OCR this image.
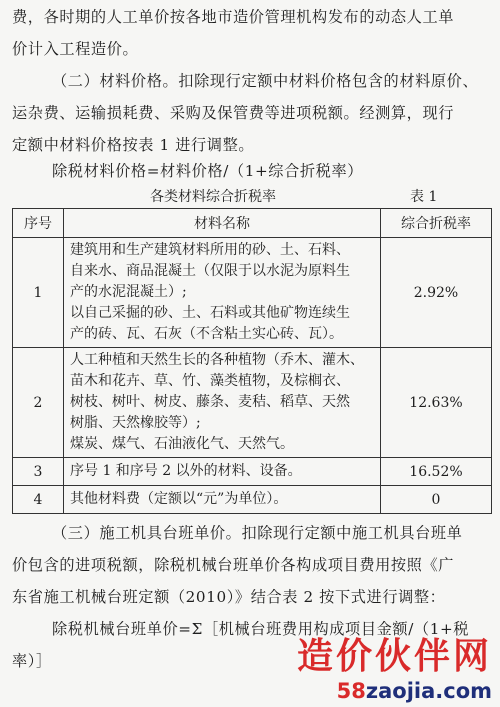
费，各时期的人工单价按各地市造价管理机构发布的动态人工单
价计入工程造价。
（二）材料价格。扣除现行定额中材料价格包含的材料原价、
运杂费、运输损耗费、采购及保管费等进项税额。经测算，现行
定额中材料价格按表 1 进行调整。
除税材料价格=材料价格/（1+综合折税率）
各类材料综合折税率	表 1
序号	材料名称	综合折税率
1	建筑用和生产建筑材料所用的砂、土、石料、
自来水、商品混凝土（仅限于以水泥为原料生
产的水泥混凝土）;
以自己采掘的砂、土、石料或其他矿物连续生
产的砖、瓦、石灰（不含粘土实心砖、瓦）。	2.92%
2	人工种植和天然生长的各种植物（乔木、灌木、
苗木和花卉、草、竹、藻类植物，及棕榈衣、
树枝、树叶、树皮、藤条、麦秸、稻草、天然
树脂、天然橡胶等）;
煤炭、煤气、石油液化气、天然气。	12.63%
3	序号 1 和序号 2 以外的材料、设备。	16.52%
4	其他材料费（定额以“元”为单位）。	0
（三）施工机具台班单价。扣除现行定额中施工机具台班单
价包含的进项税额，除税机械台班单价各构成项目费用按照《广
东省施工机械台班定额（2010）》结合表 2 按下式进行调整：
除税机械台班单价=Σ［机械台班费用构成项目金额/（1+税
率）］	造价伙伴网
58zaojia.com
